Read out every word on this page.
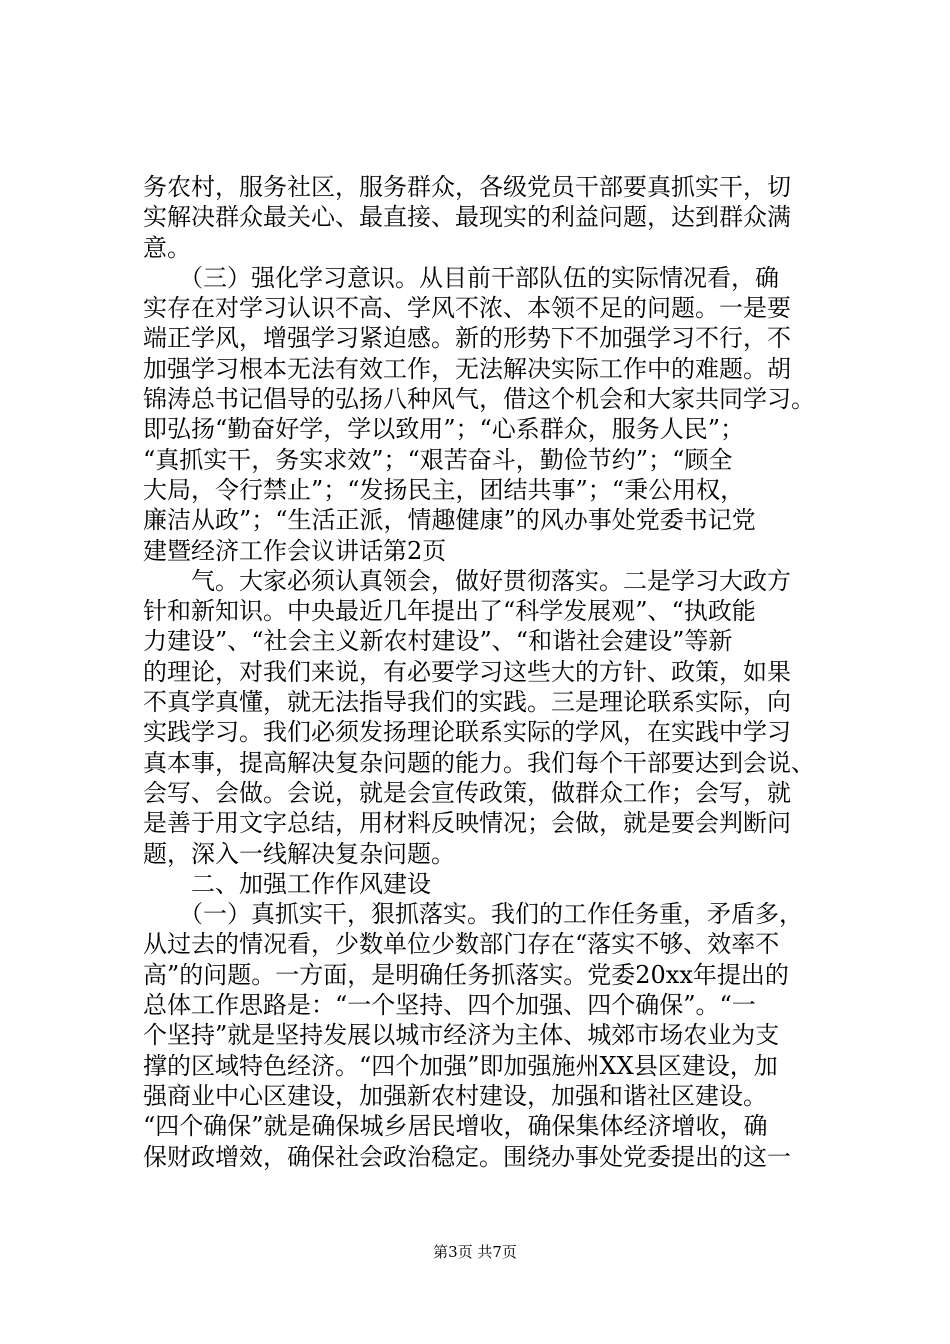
务农村，服务社区，服务群众，各级党员干部要真抓实干，切
实解决群众最关心、最直接、最现实的利益问题，达到群众满
意。
　　（三）强化学习意识。从目前干部队伍的实际情况看，确
实存在对学习认识不高、学风不浓、本领不足的问题。一是要
端正学风，增强学习紧迫感。新的形势下不加强学习不行，不
加强学习根本无法有效工作，无法解决实际工作中的难题。胡
锦涛总书记倡导的弘扬八种风气，借这个机会和大家共同学习。
即弘扬“勤奋好学，学以致用”；“心系群众，服务人民”；
“真抓实干，务实求效”；“艰苦奋斗，勤俭节约”；“顾全
大局，令行禁止”；“发扬民主，团结共事”；“秉公用权，
廉洁从政”；“生活正派，情趣健康”的风办事处党委书记党
建暨经济工作会议讲话第2页
　　气。大家必须认真领会，做好贯彻落实。二是学习大政方
针和新知识。中央最近几年提出了“科学发展观”、“执政能
力建设”、“社会主义新农村建设”、“和谐社会建设”等新
的理论，对我们来说，有必要学习这些大的方针、政策，如果
不真学真懂，就无法指导我们的实践。三是理论联系实际，向
实践学习。我们必须发扬理论联系实际的学风，在实践中学习
真本事，提高解决复杂问题的能力。我们每个干部要达到会说、
会写、会做。会说，就是会宣传政策，做群众工作；会写，就
是善于用文字总结，用材料反映情况；会做，就是要会判断问
题，深入一线解决复杂问题。
　　二、加强工作作风建设
　　（一）真抓实干，狠抓落实。我们的工作任务重，矛盾多，
从过去的情况看，少数单位少数部门存在“落实不够、效率不
高”的问题。一方面，是明确任务抓落实。党委20xx年提出的
总体工作思路是：“一个坚持、四个加强、四个确保”。“一
个坚持”就是坚持发展以城市经济为主体、城郊市场农业为支
撑的区域特色经济。“四个加强”即加强施州XX县区建设，加
强商业中心区建设，加强新农村建设，加强和谐社区建设。
“四个确保”就是确保城乡居民增收，确保集体经济增收，确
保财政增效，确保社会政治稳定。围绕办事处党委提出的这一
第3页 共7页
